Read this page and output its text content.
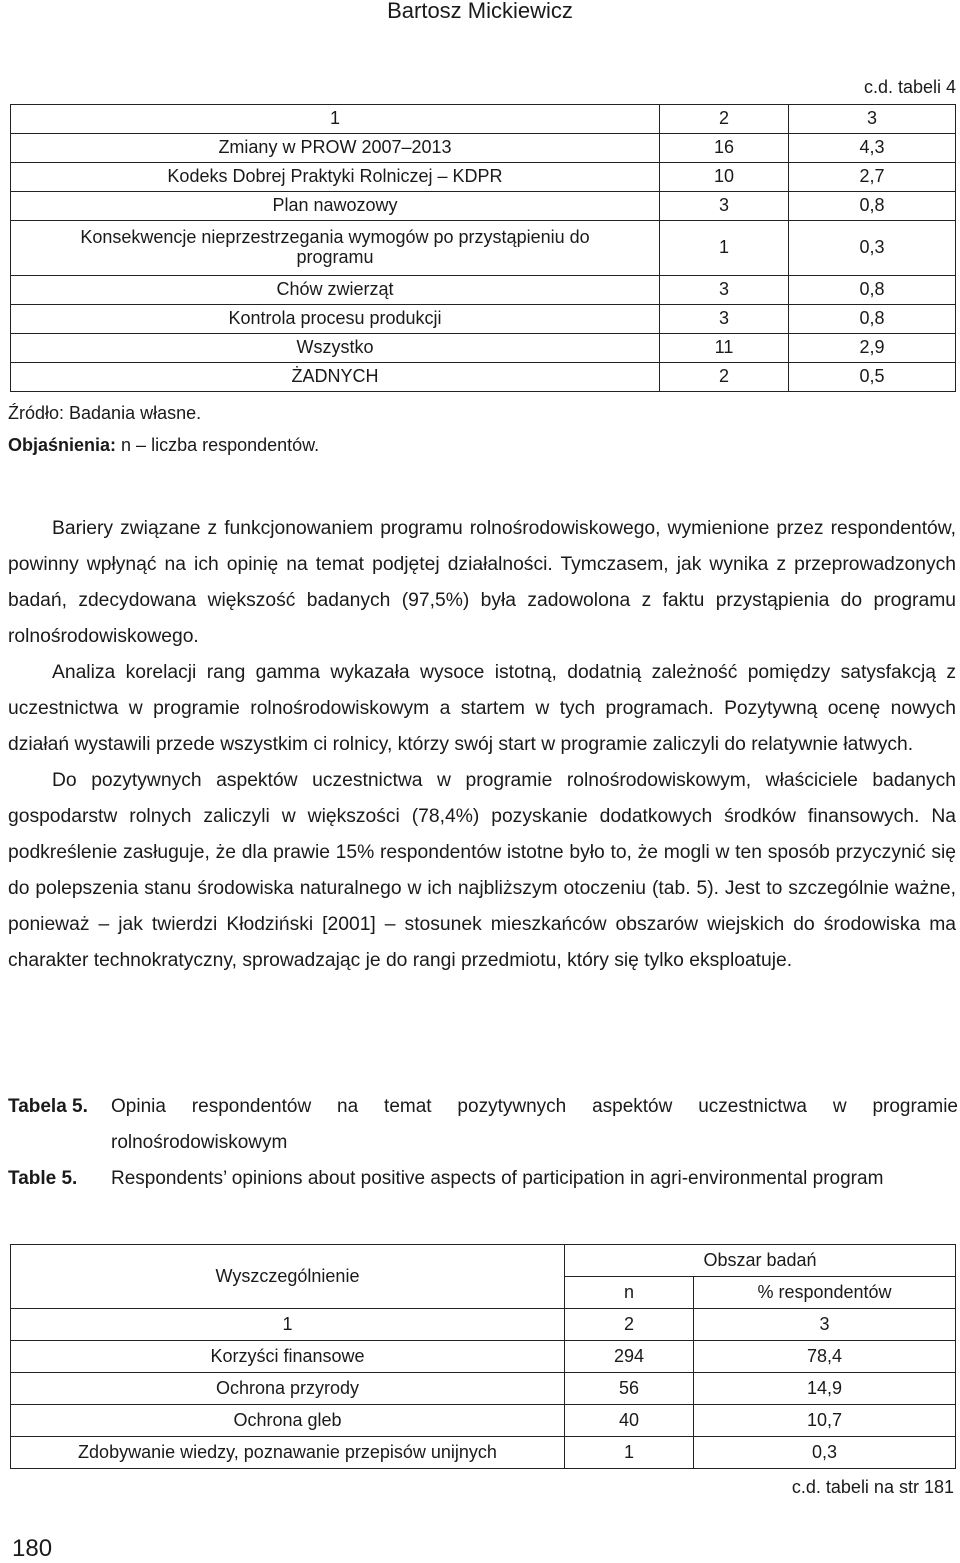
Bartosz Mickiewicz
c.d. tabeli 4
1	2	3
Zmiany w PROW 2007–2013	16	4,3
Kodeks Dobrej Praktyki Rolniczej – KDPR	10	2,7
Plan nawozowy	3	0,8
Konsekwencje nieprzestrzegania wymogów po przystąpieniu do programu	1	0,3
Chów zwierząt	3	0,8
Kontrola procesu produkcji	3	0,8
Wszystko	11	2,9
ŻADNYCH	2	0,5
Źródło: Badania własne.
Objaśnienia: n – liczba respondentów.

Bariery związane z funkcjonowaniem programu rolnośrodowiskowego, wymienione przez respondentów, powinny wpłynąć na ich opinię na temat podjętej działalności. Tymczasem, jak wynika z przeprowadzonych badań, zdecydowana większość badanych (97,5%) była zadowolona z faktu przystąpienia do programu rolnośrodowiskowego.

Analiza korelacji rang gamma wykazała wysoce istotną, dodatnią zależność pomiędzy satysfakcją z uczestnictwa w programie rolnośrodowiskowym a startem w tych programach. Pozytywną ocenę nowych działań wystawili przede wszystkim ci rolnicy, którzy swój start w programie zaliczyli do relatywnie łatwych.

Do pozytywnych aspektów uczestnictwa w programie rolnośrodowiskowym, właściciele badanych gospodarstw rolnych zaliczyli w większości (78,4%) pozyskanie dodatkowych środków finansowych. Na podkreślenie zasługuje, że dla prawie 15% respondentów istotne było to, że mogli w ten sposób przyczynić się do polepszenia stanu środowiska naturalnego w ich najbliższym otoczeniu (tab. 5). Jest to szczególnie ważne, ponieważ – jak twierdzi Kłodziński [2001] – stosunek mieszkańców obszarów wiejskich do środowiska ma charakter technokratyczny, sprowadzając je do rangi przedmiotu, który się tylko eksploatuje.

Tabela 5.	Opinia respondentów na temat pozytywnych aspektów uczestnictwa w programie rolnośrodowiskowym
Table 5.	Respondents’ opinions about positive aspects of participation in agri-environmental program
Wyszczególnienie	Obszar badań	
	n	% respondentów
1	2	3
Korzyści finansowe	294	78,4
Ochrona przyrody	56	14,9
Ochrona gleb	40	10,7
Zdobywanie wiedzy, poznawanie przepisów unijnych	1	0,3
c.d. tabeli na str 181
180
